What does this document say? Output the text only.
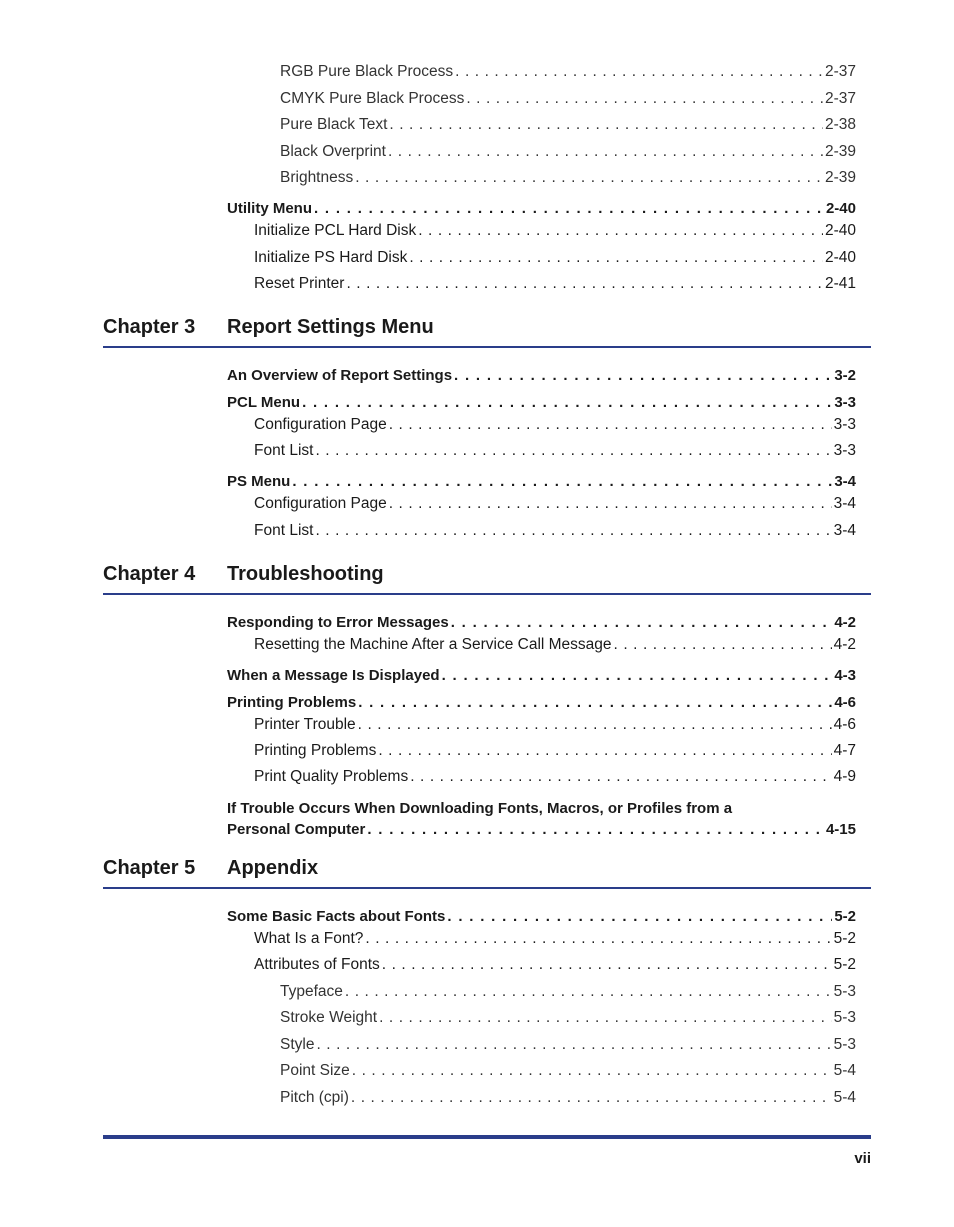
RGB Pure Black Process . . .	2-37
CMYK Pure Black Process . . .	2-37
Pure Black Text . . .	2-38
Black Overprint . . .	2-39
Brightness . . .	2-39
Utility Menu . . .	2-40
Initialize PCL Hard Disk . . .	2-40
Initialize PS Hard Disk . . .	2-40
Reset Printer . . .	2-41
Chapter 3 Report Settings Menu
An Overview of Report Settings . . .	3-2
PCL Menu . . .	3-3
Configuration Page . . .	3-3
Font List . . .	3-3
PS Menu . . .	3-4
Configuration Page . . .	3-4
Font List . . .	3-4
Chapter 4 Troubleshooting
Responding to Error Messages . . .	4-2
Resetting the Machine After a Service Call Message . . .	4-2
When a Message Is Displayed . . .	4-3
Printing Problems . . .	4-6
Printer Trouble . . .	4-6
Printing Problems . . .	4-7
Print Quality Problems . . .	4-9
If Trouble Occurs When Downloading Fonts, Macros, or Profiles from a
Personal Computer . . .	4-15
Chapter 5 Appendix
Some Basic Facts about Fonts . . .	5-2
What Is a Font? . . .	5-2
Attributes of Fonts . . .	5-2
Typeface . . .	5-3
Stroke Weight . . .	5-3
Style . . .	5-3
Point Size . . .	5-4
Pitch (cpi) . . .	5-4
vii
